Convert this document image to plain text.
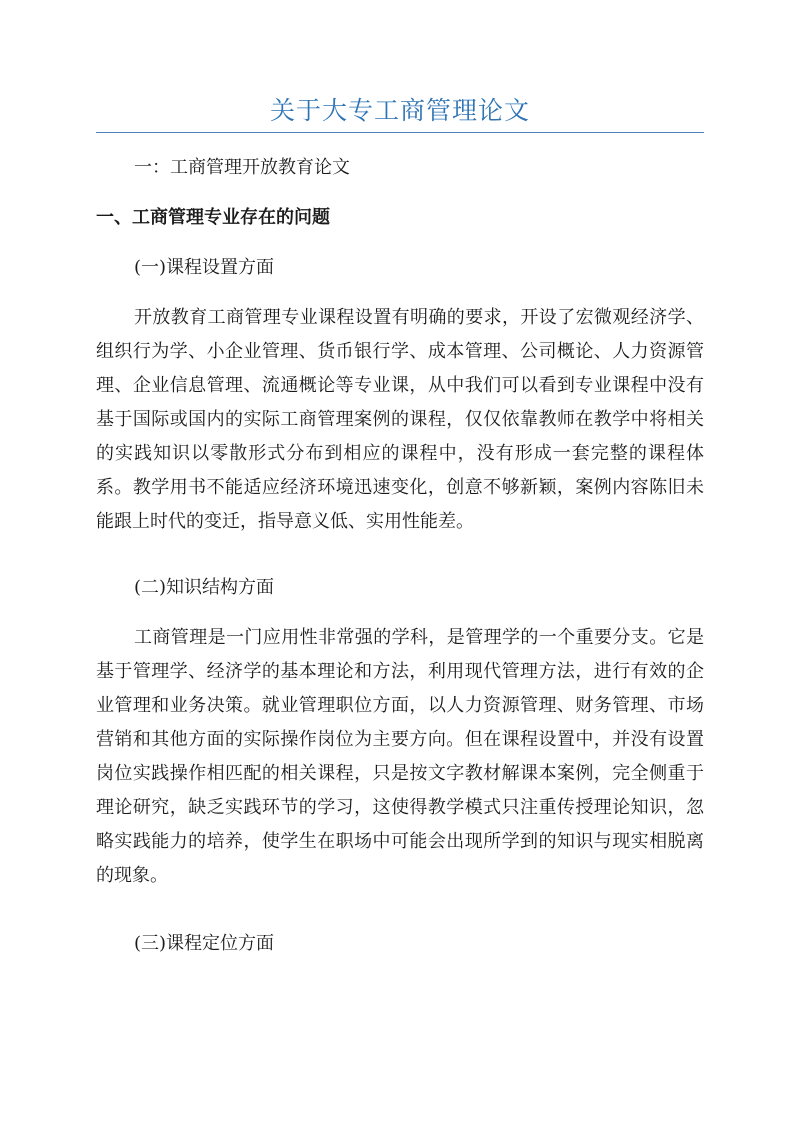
关于大专工商管理论文
一：工商管理开放教育论文
一、工商管理专业存在的问题
(一)课程设置方面
开放教育工商管理专业课程设置有明确的要求，开设了宏微观经济学、组织行为学、小企业管理、货币银行学、成本管理、公司概论、人力资源管理、企业信息管理、流通概论等专业课，从中我们可以看到专业课程中没有基于国际或国内的实际工商管理案例的课程，仅仅依靠教师在教学中将相关的实践知识以零散形式分布到相应的课程中，没有形成一套完整的课程体系。教学用书不能适应经济环境迅速变化，创意不够新颖，案例内容陈旧未能跟上时代的变迁，指导意义低、实用性能差。
(二)知识结构方面
工商管理是一门应用性非常强的学科，是管理学的一个重要分支。它是基于管理学、经济学的基本理论和方法，利用现代管理方法，进行有效的企业管理和业务决策。就业管理职位方面，以人力资源管理、财务管理、市场营销和其他方面的实际操作岗位为主要方向。但在课程设置中，并没有设置岗位实践操作相匹配的相关课程，只是按文字教材解课本案例，完全侧重于理论研究，缺乏实践环节的学习，这使得教学模式只注重传授理论知识，忽略实践能力的培养，使学生在职场中可能会出现所学到的知识与现实相脱离的现象。
(三)课程定位方面
